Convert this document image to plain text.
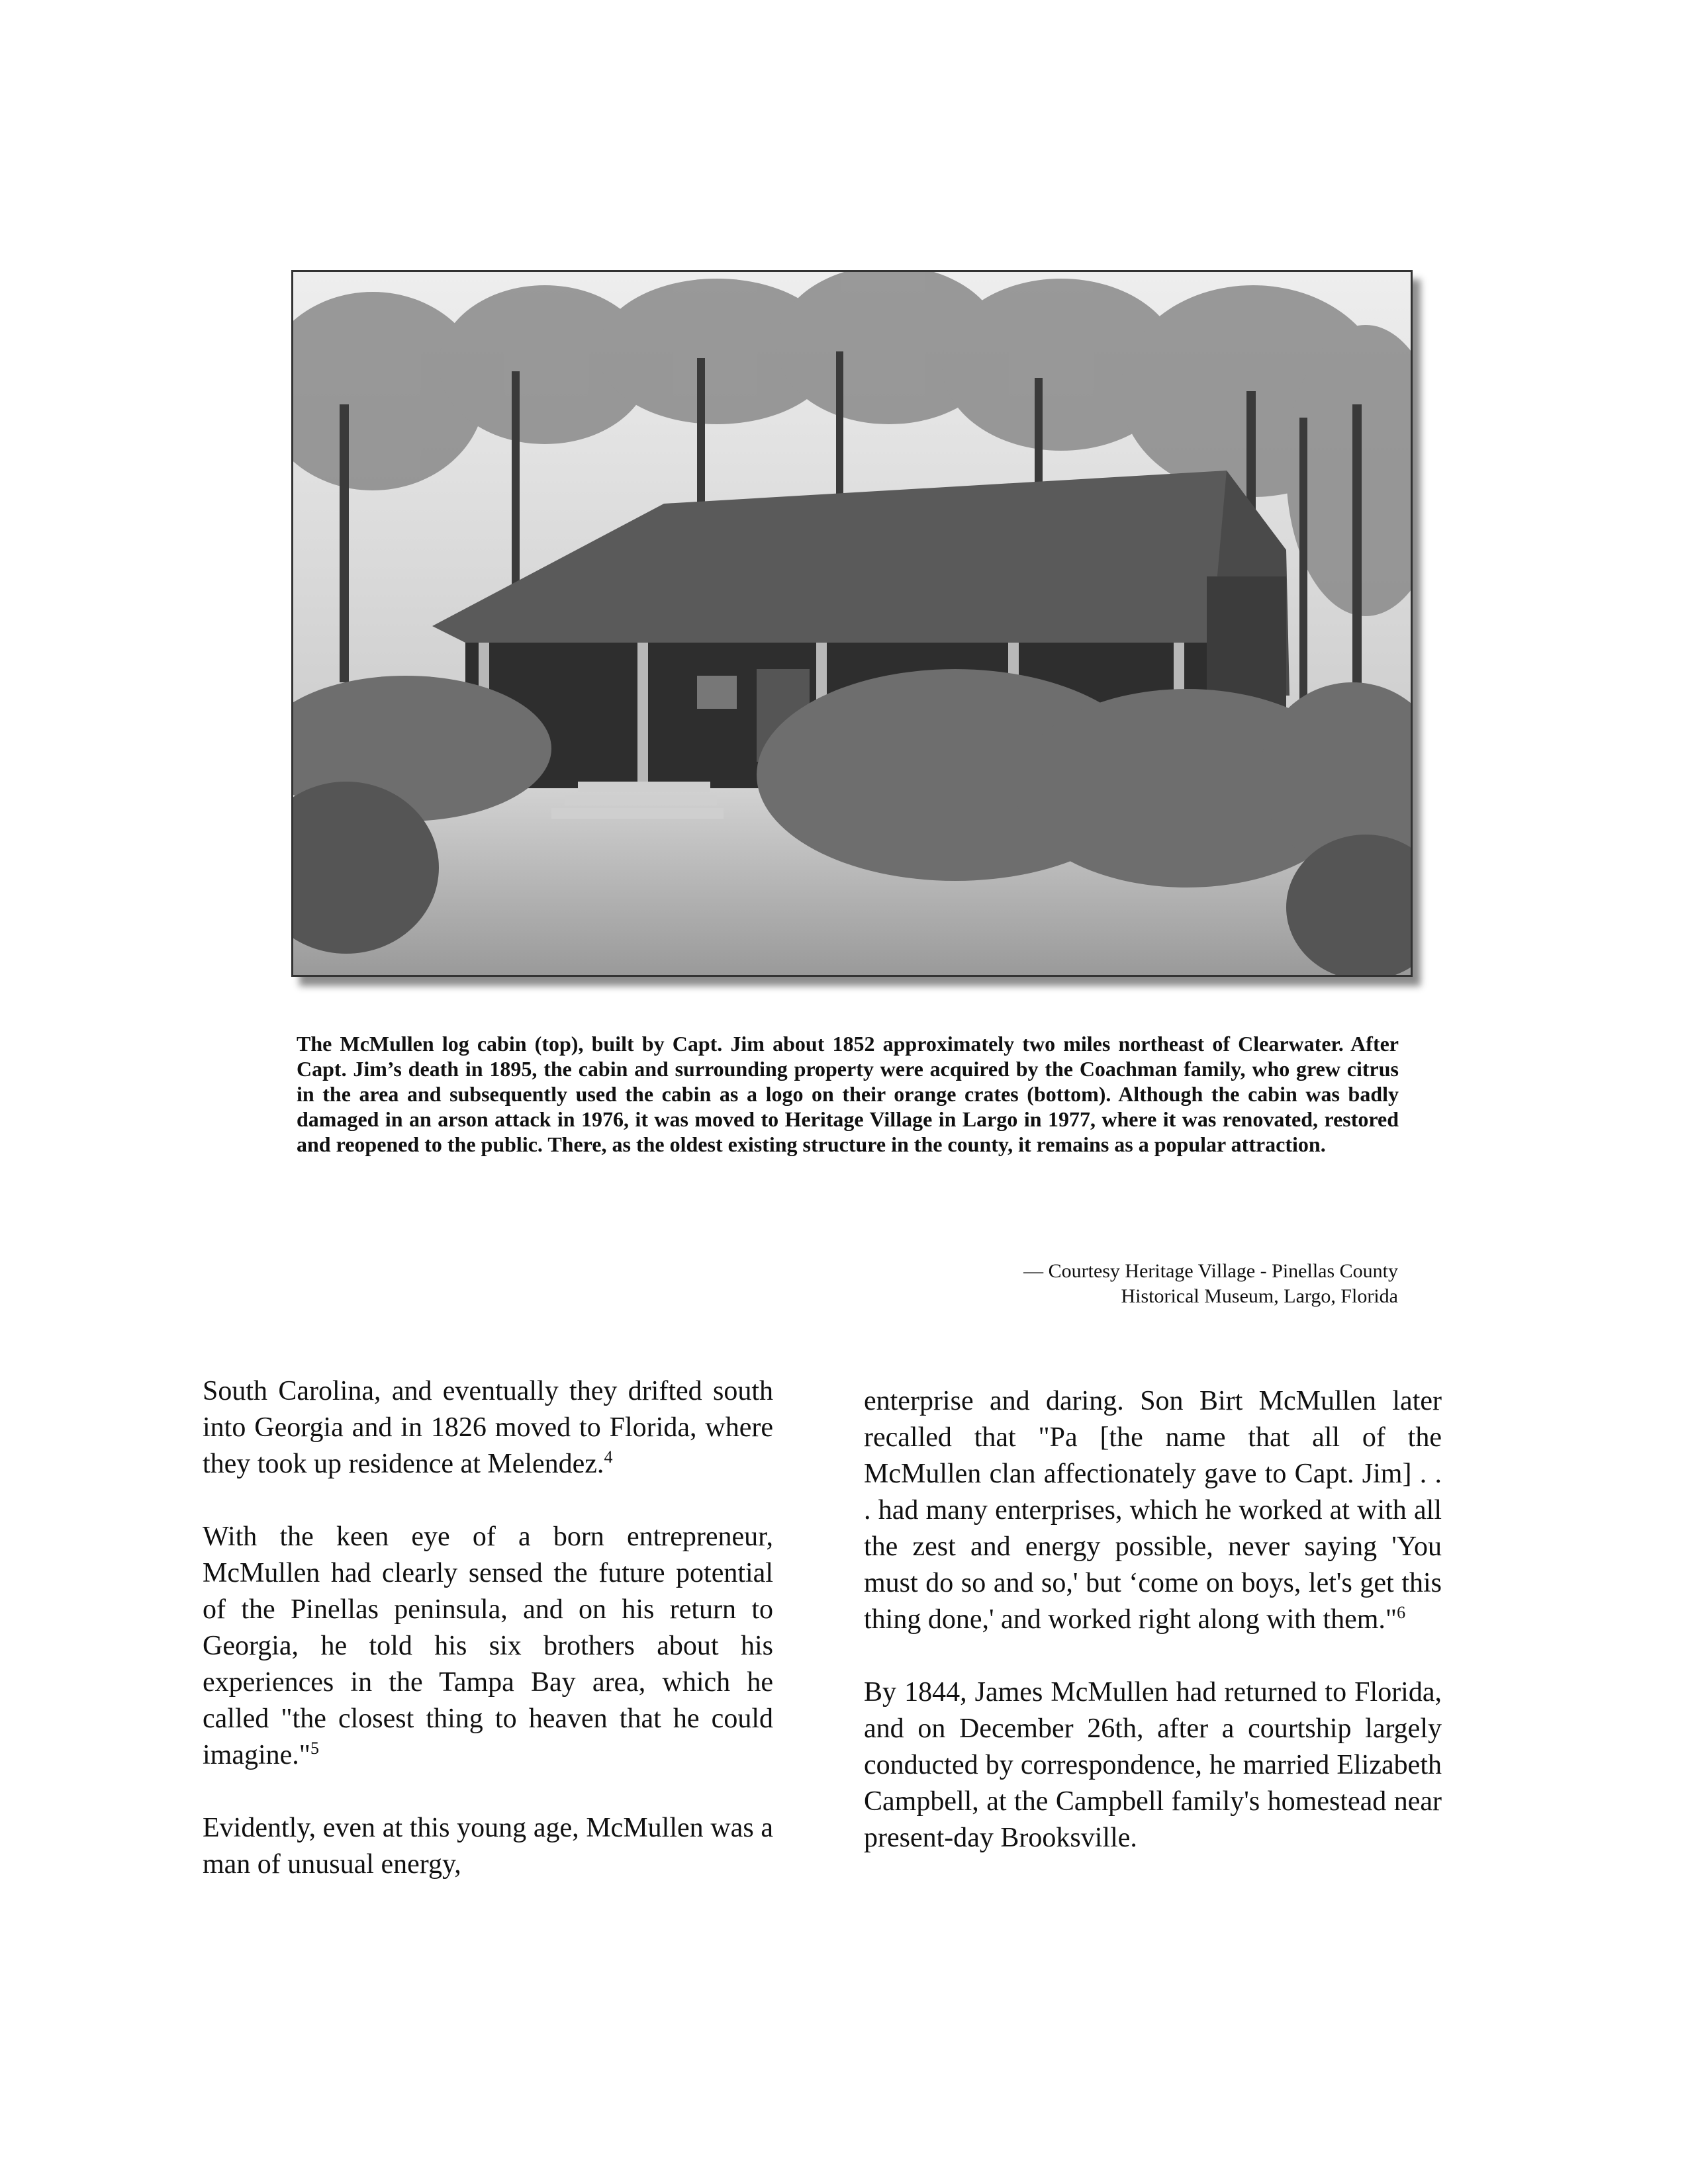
The McMullen log cabin (top), built by Capt. Jim about 1852 approximately two miles northeast of Clearwater. After Capt. Jim’s death in 1895, the cabin and surrounding property were acquired by the Coachman family, who grew citrus in the area and subsequently used the cabin as a logo on their orange crates (bottom). Although the cabin was badly damaged in an arson attack in 1976, it was moved to Heritage Village in Largo in 1977, where it was renovated, restored and reopened to the public. There, as the oldest existing structure in the county, it remains as a popular attraction.
— Courtesy Heritage Village - Pinellas County
Historical Museum, Largo, Florida

South Carolina, and eventually they drifted south into Georgia and in 1826 moved to Florida, where they took up residence at Melendez.$^4$

With the keen eye of a born entrepreneur, McMullen had clearly sensed the future potential of the Pinellas peninsula, and on his return to Georgia, he told his six brothers about his experiences in the Tampa Bay area, which he called "the closest thing to heaven that he could imagine."$^5$

Evidently, even at this young age, McMullen was a man of unusual energy,

enterprise and daring. Son Birt McMullen later recalled that "Pa [the name that all of the McMullen clan affectionately gave to Capt. Jim] . . . had many enterprises, which he worked at with all the zest and energy possible, never saying 'You must do so and so,' but ‘come on boys, let's get this thing done,' and worked right along with them."$^6$

By 1844, James McMullen had returned to Florida, and on December 26th, after a courtship largely conducted by correspondence, he married Elizabeth Campbell, at the Campbell family's homestead near present-day Brooksville.
